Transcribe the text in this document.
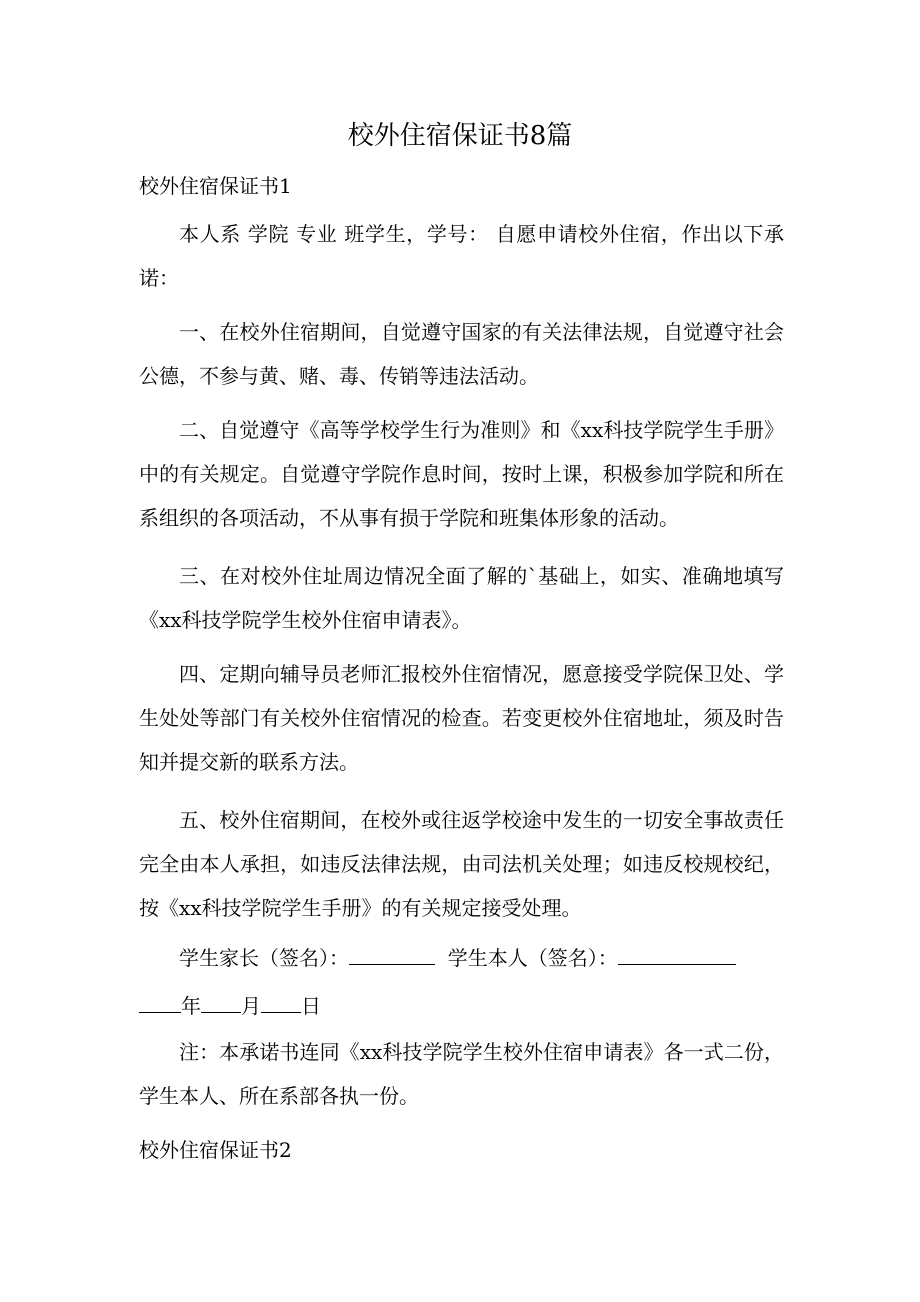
校外住宿保证书8篇
校外住宿保证书1

本人系 学院 专业 班学生，学号： 自愿申请校外住宿，作出以下承诺：

一、在校外住宿期间，自觉遵守国家的有关法律法规，自觉遵守社会公德，不参与黄、赌、毒、传销等违法活动。

二、自觉遵守《高等学校学生行为准则》和《xx科技学院学生手册》中的有关规定。自觉遵守学院作息时间，按时上课，积极参加学院和所在系组织的各项活动，不从事有损于学院和班集体形象的活动。

三、在对校外住址周边情况全面了解的`基础上，如实、准确地填写《xx科技学院学生校外住宿申请表》。

四、定期向辅导员老师汇报校外住宿情况，愿意接受学院保卫处、学生处处等部门有关校外住宿情况的检查。若变更校外住宿地址，须及时告知并提交新的联系方法。

五、校外住宿期间，在校外或往返学校途中发生的一切安全事故责任完全由本人承担，如违反法律法规，由司法机关处理；如违反校规校纪，按《xx科技学院学生手册》的有关规定接受处理。

学生家长（签名）：	学生本人（签名）：
年 月 日

注：本承诺书连同《xx科技学院学生校外住宿申请表》各一式二份，学生本人、所在系部各执一份。

校外住宿保证书2
